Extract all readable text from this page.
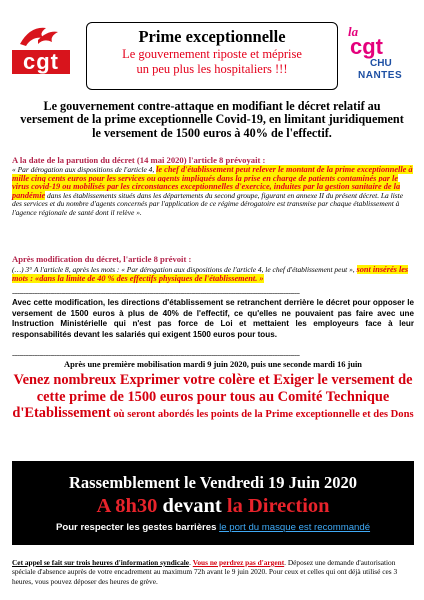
cgt
Prime exceptionnelle
Le gouvernement riposte et méprise
un peu plus les hospitaliers !!!
la
cgt
CHU
NANTES
Le gouvernement contre-attaque en modifiant le décret relatif au versement de la prime exceptionnelle Covid-19, en limitant juridiquement le versement de 1500 euros à 40% de l'effectif.
A la date de la parution du décret (14 mai 2020) l'article 8 prévoyait :
« Par dérogation aux dispositions de l'article 4, le chef d'établissement peut relever le montant de la prime exceptionnelle à mille cinq cents euros pour les services ou agents impliqués dans la prise en charge de patients contaminés par le virus covid-19 ou mobilisés par les circonstances exceptionnelles d'exercice, induites par la gestion sanitaire de la pandémie dans les établissements situés dans les départements du second groupe, figurant en annexe II du présent décret. La liste des services et du nombre d'agents concernés par l'application de ce régime dérogatoire est transmise par chaque établissement à l'agence régionale de santé dont il relève ».
Après modification du décret, l'article 8 prévoit :
(…) 3° A l'article 8, après les mots : « Par dérogation aux dispositions de l'article 4, le chef d'établissement peut », sont insérés les mots : «dans la limite de 40 % des effectifs physiques de l'établissement. »
-------------------------------------------------------------------------------------------------------------------------------------------------------------
Avec cette modification, les directions d'établissement se retranchent derrière le décret pour opposer le versement de 1500 euros à plus de 40% de l'effectif, ce qu'elles ne pouvaient pas faire avec une Instruction Ministérielle qui n'est pas force de Loi et mettaient les employeurs face à leur responsabilités devant les salariés qui exigent 1500 euros pour tous.
-------------------------------------------------------------------------------------------------------------------------------------------------------------
Après une première mobilisation mardi 9 juin 2020, puis une seconde mardi 16 juin
Venez nombreux Exprimer votre colère et Exiger le versement de cette prime de 1500 euros pour tous au Comité Technique d'Etablissement où seront abordés les points de la Prime exceptionnelle et des Dons
Rassemblement le Vendredi 19 Juin 2020
A 8h30 devant la Direction
Pour respecter les gestes barrières le port du masque est recommandé
Cet appel se fait sur trois heures d'information syndicale. Vous ne perdrez pas d'argent. Déposez une demande d'autorisation spéciale d'absence auprès de votre encadrement au maximum 72h avant le 9 juin 2020. Pour ceux et celles qui ont déjà utilisé ces 3 heures, vous pouvez déposer des heures de grève.
